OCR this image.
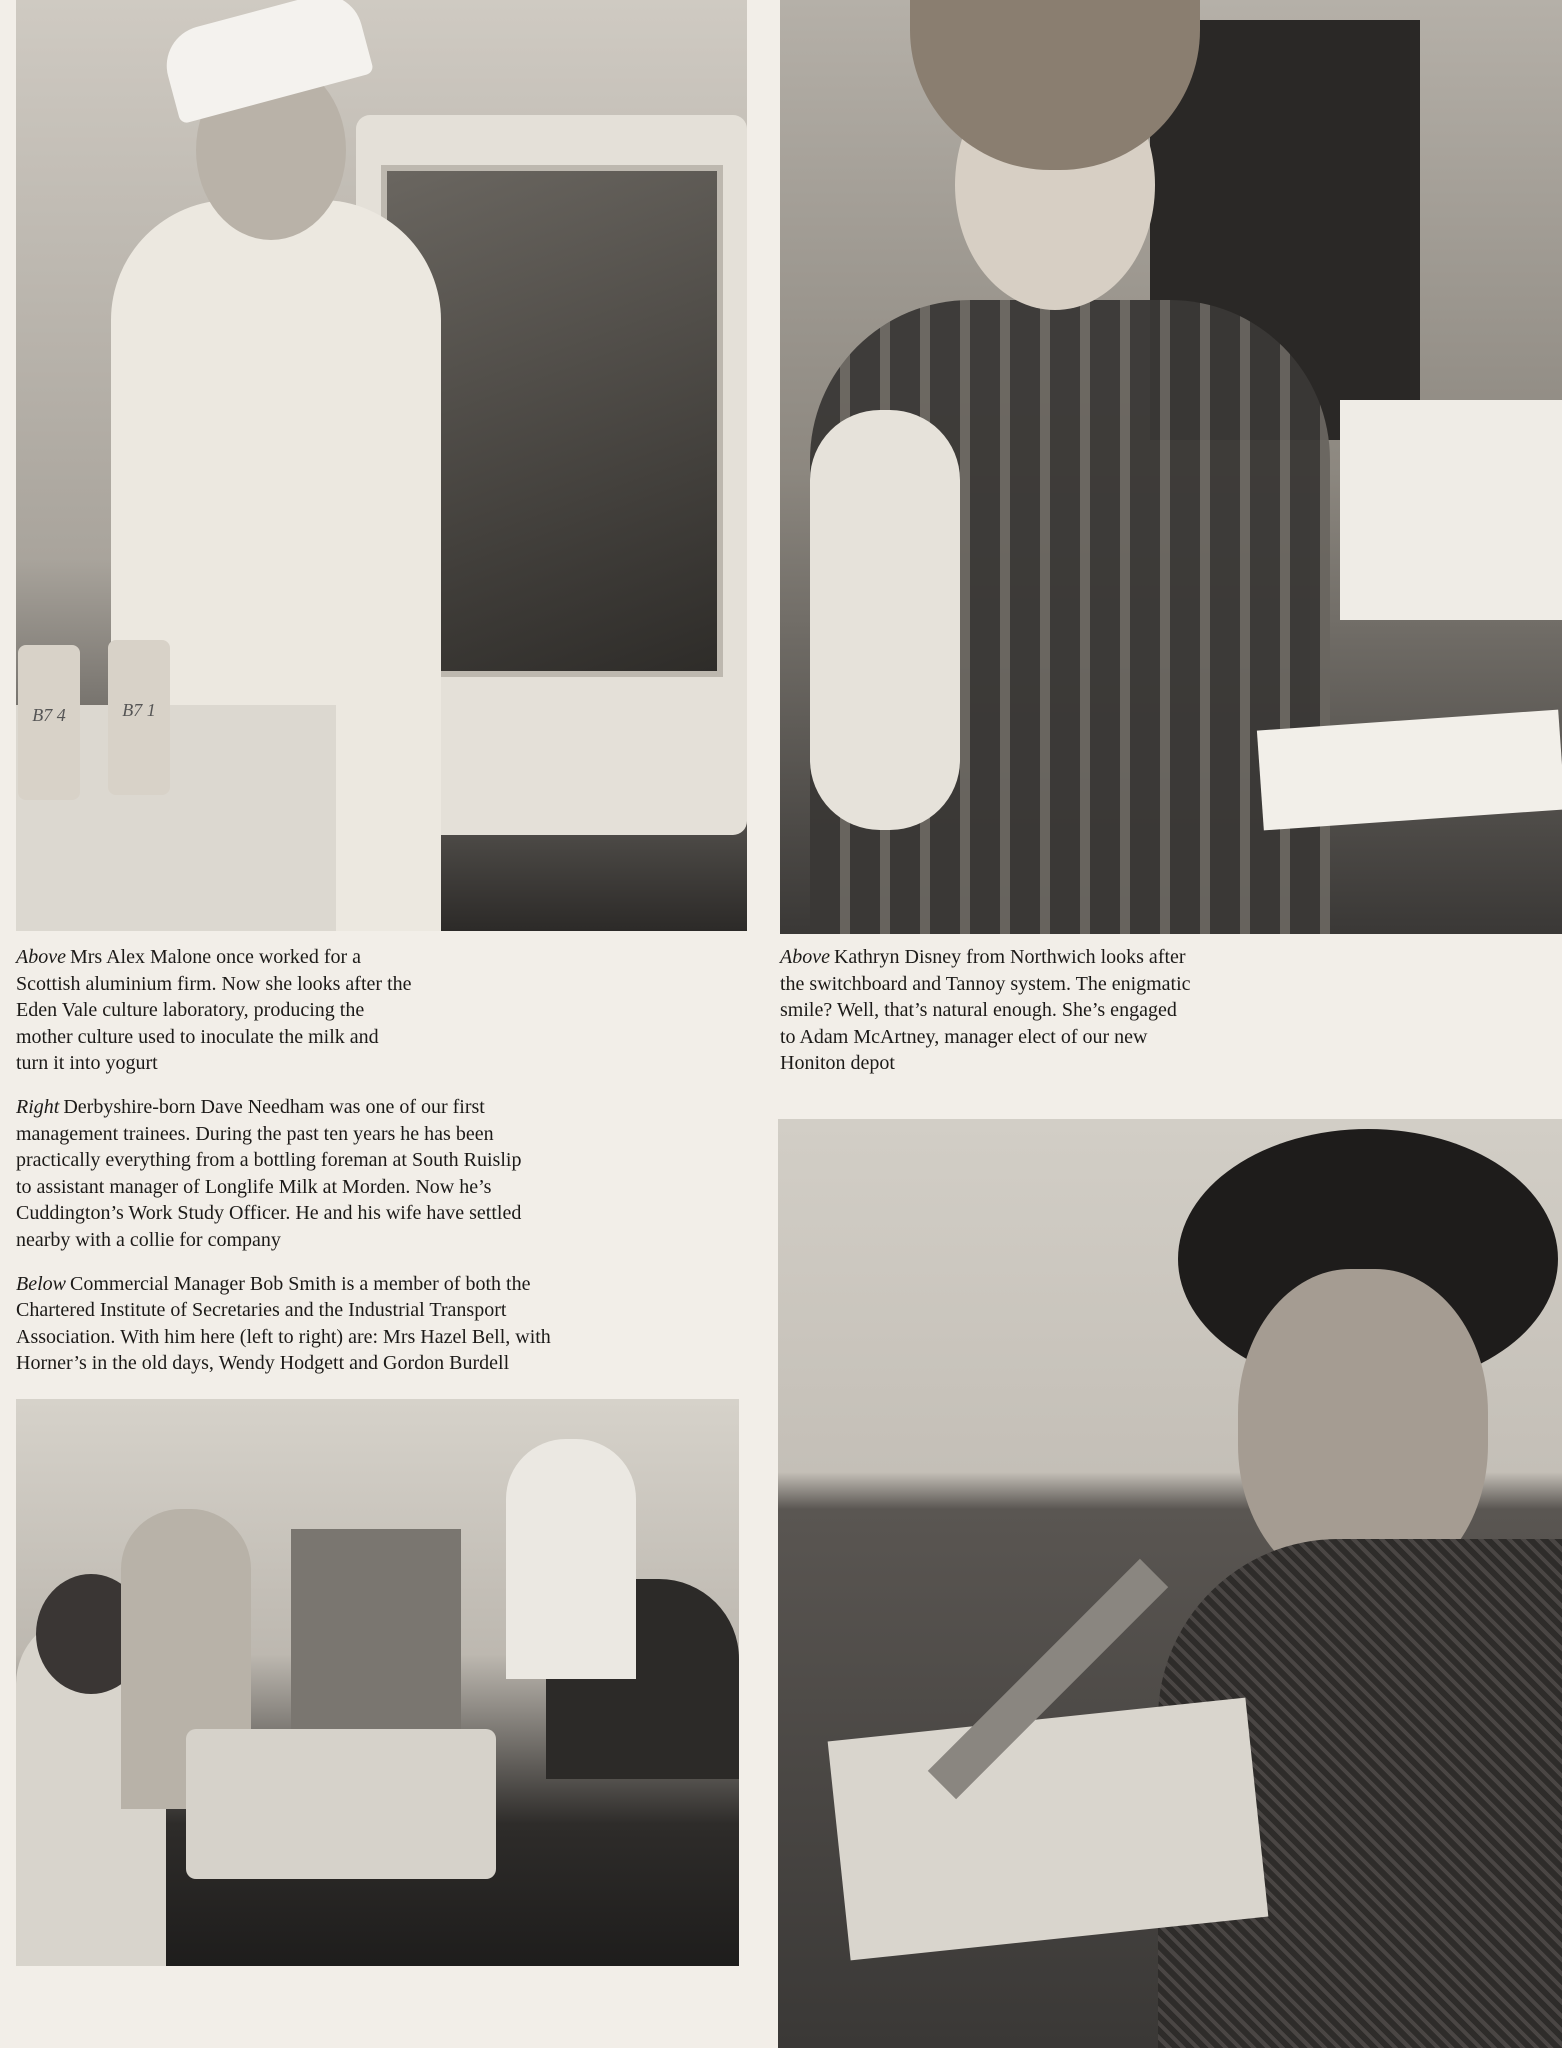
B7 4	B7 1

Above Mrs Alex Malone once worked for a
Scottish aluminium firm. Now she looks after the
Eden Vale culture laboratory, producing the
mother culture used to inoculate the milk and
turn it into yogurt

Right Derbyshire-born Dave Needham was one of our first
management trainees. During the past ten years he has been
practically everything from a bottling foreman at South Ruislip
to assistant manager of Longlife Milk at Morden. Now he’s
Cuddington’s Work Study Officer. He and his wife have settled
nearby with a collie for company

Below Commercial Manager Bob Smith is a member of both the
Chartered Institute of Secretaries and the Industrial Transport
Association. With him here (left to right) are: Mrs Hazel Bell, with
Horner’s in the old days, Wendy Hodgett and Gordon Burdell

Above Kathryn Disney from Northwich looks after
the switchboard and Tannoy system. The enigmatic
smile? Well, that’s natural enough. She’s engaged
to Adam McArtney, manager elect of our new
Honiton depot
